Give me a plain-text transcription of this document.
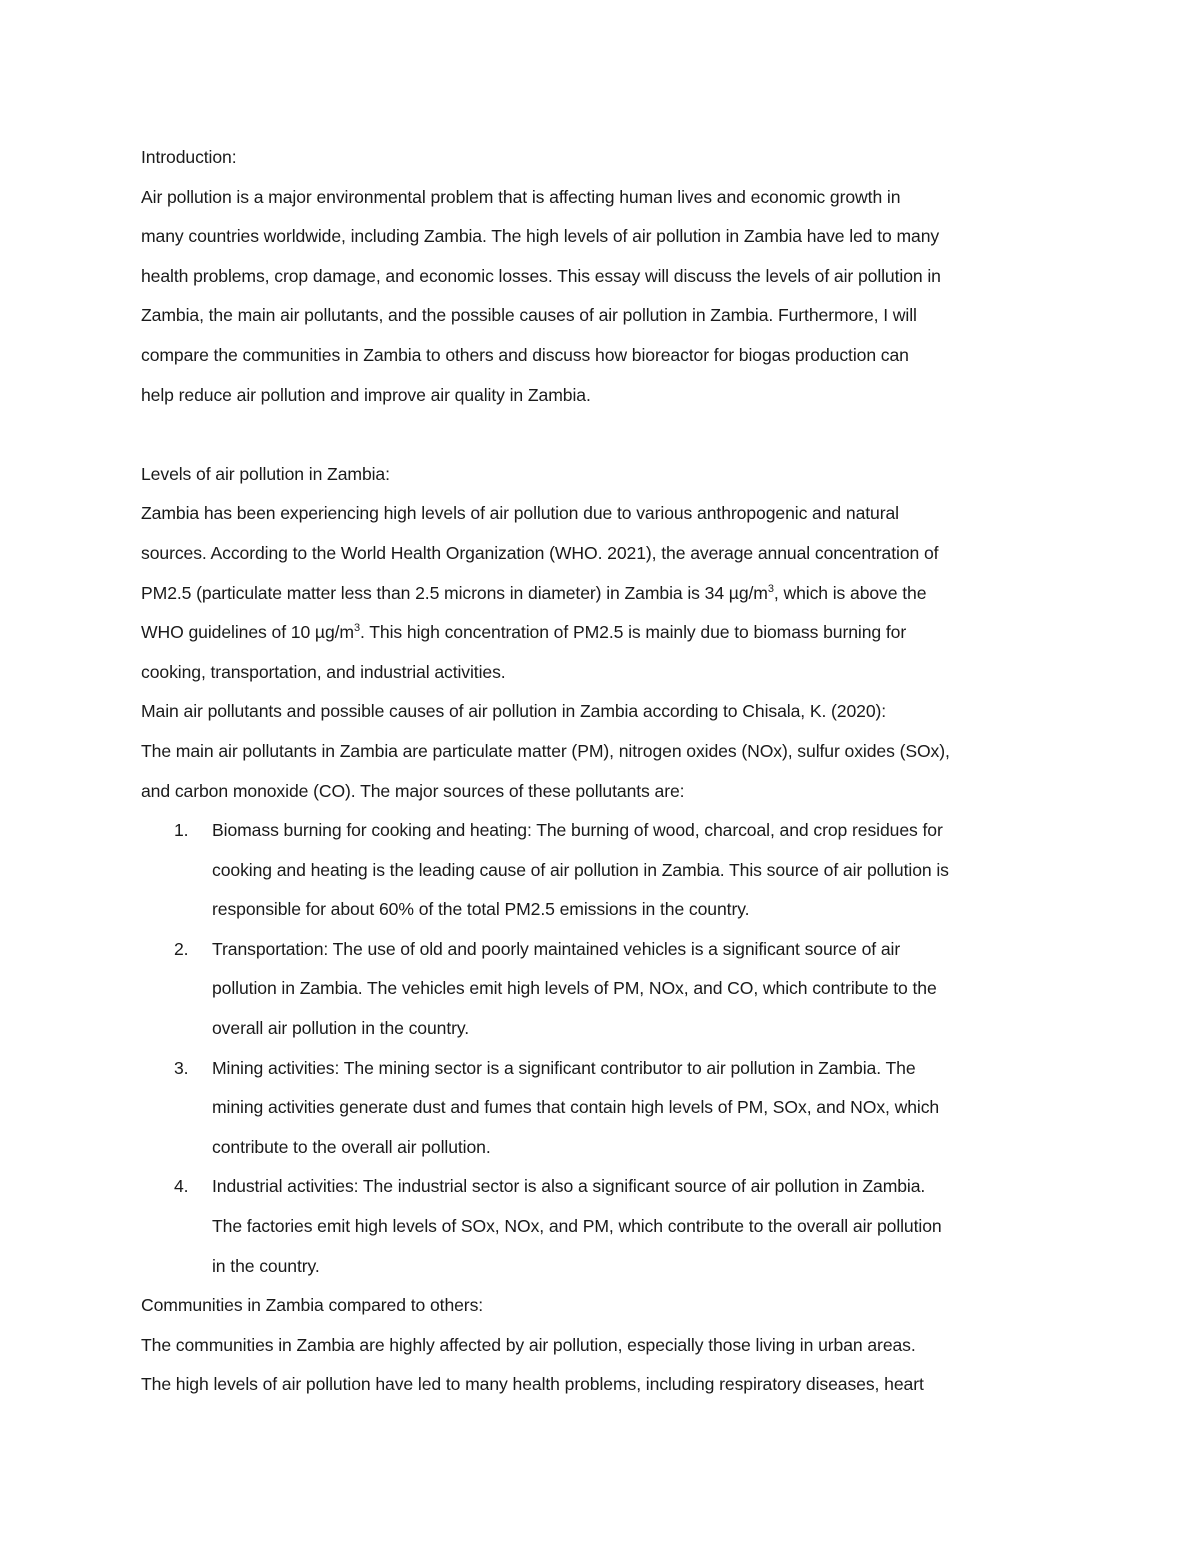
Introduction:
Air pollution is a major environmental problem that is affecting human lives and economic growth in
many countries worldwide, including Zambia. The high levels of air pollution in Zambia have led to many
health problems, crop damage, and economic losses. This essay will discuss the levels of air pollution in
Zambia, the main air pollutants, and the possible causes of air pollution in Zambia. Furthermore, I will
compare the communities in Zambia to others and discuss how bioreactor for biogas production can
help reduce air pollution and improve air quality in Zambia.
Levels of air pollution in Zambia:
Zambia has been experiencing high levels of air pollution due to various anthropogenic and natural
sources. According to the World Health Organization (WHO. 2021), the average annual concentration of
PM2.5 (particulate matter less than 2.5 microns in diameter) in Zambia is 34 $\mu g/m^3$, which is above the
WHO guidelines of 10 $\mu g/m^3$. This high concentration of PM2.5 is mainly due to biomass burning for
cooking, transportation, and industrial activities.
Main air pollutants and possible causes of air pollution in Zambia according to Chisala, K. (2020):
The main air pollutants in Zambia are particulate matter (PM), nitrogen oxides (NOx), sulfur oxides (SOx),
and carbon monoxide (CO). The major sources of these pollutants are:
1. Biomass burning for cooking and heating: The burning of wood, charcoal, and crop residues for
cooking and heating is the leading cause of air pollution in Zambia. This source of air pollution is
responsible for about 60% of the total PM2.5 emissions in the country.
2. Transportation: The use of old and poorly maintained vehicles is a significant source of air
pollution in Zambia. The vehicles emit high levels of PM, NOx, and CO, which contribute to the
overall air pollution in the country.
3. Mining activities: The mining sector is a significant contributor to air pollution in Zambia. The
mining activities generate dust and fumes that contain high levels of PM, SOx, and NOx, which
contribute to the overall air pollution.
4. Industrial activities: The industrial sector is also a significant source of air pollution in Zambia.
The factories emit high levels of SOx, NOx, and PM, which contribute to the overall air pollution
in the country.
Communities in Zambia compared to others:
The communities in Zambia are highly affected by air pollution, especially those living in urban areas.
The high levels of air pollution have led to many health problems, including respiratory diseases, heart
